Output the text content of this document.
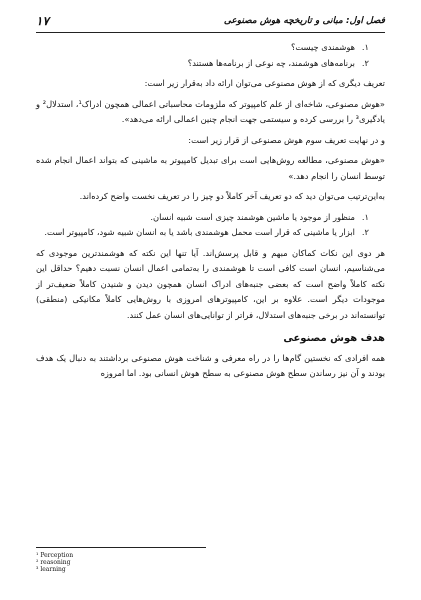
فصل اول: مبانی و تاریخچه هوش مصنوعی
۱۷
۱.
هوشمندی چیست؟
۲.
برنامه‌های هوشمند، چه نوعی از برنامه‌ها هستند؟

تعریف دیگری که از هوش مصنوعی می‌توان ارائه داد به‌قرار زیر است:

«هوش مصنوعی، شاخه‌ای از علم کامپیوتر که ملزومات محاسباتی اعمالی همچون ادراک¹، استدلال² و یادگیری³ را بررسی کرده و سیستمی جهت انجام چنین اعمالی ارائه می‌دهد».

و در نهایت تعریف سوم هوش مصنوعی از قرار زیر است:

«هوش مصنوعی، مطالعه روش‌هایی است برای تبدیل کامپیوتر به ماشینی که بتواند اعمال انجام شده توسط انسان را انجام دهد.»

به‌این‌ترتیب می‌توان دید که دو تعریف آخر کاملاً دو چیز را در تعریف نخست واضح کرده‌اند.

۱.
منظور از موجود یا ماشین هوشمند چیزی است شبیه انسان.
۲.
ابزار یا ماشینی که قرار است محمل هوشمندی باشد یا به انسان شبیه شود، کامپیوتر است.

هر دوی این نکات کماکان مبهم و قابل پرسش‌اند. آیا تنها این نکته که هوشمندترین موجودی که می‌شناسیم، انسان است کافی است تا هوشمندی را به‌تمامی اعمال انسان نسبت دهیم؟ حداقل این نکته کاملاً واضح است که بعضی جنبه‌های ادراک انسان همچون دیدن و شنیدن کاملاً ضعیف‌تر از موجودات دیگر است. علاوه بر این، کامپیوترهای امروزی با روش‌هایی کاملاً مکانیکی (منطقی) توانسته‌اند در برخی جنبه‌های استدلال، فراتر از توانایی‌های انسان عمل کنند.

هدف هوش مصنوعی

همه افرادی که نخستین گام‌ها را در راه معرفی و شناخت هوش مصنوعی برداشتند به دنبال یک هدف بودند و آن نیز رساندن سطح هوش مصنوعی به سطح هوش انسانی بود. اما امروزه

¹ Perception
² reasoning
³ learning
